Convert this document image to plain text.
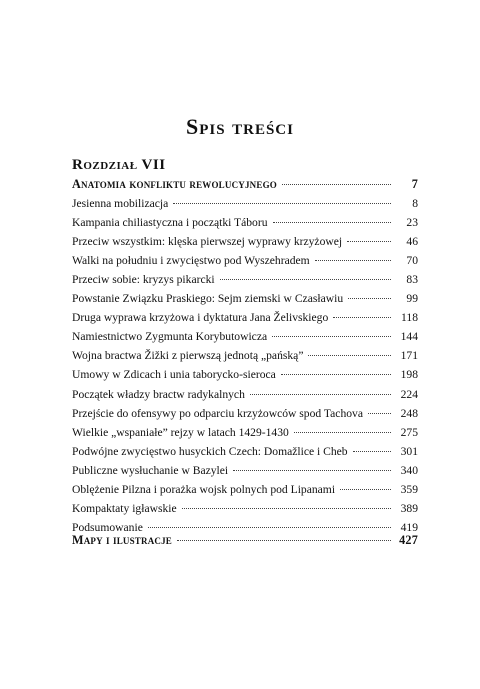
Spis treści
Rozdział VII
Anatomia konfliktu rewolucyjnego	7
Jesienna mobilizacja	8
Kampania chiliastyczna i początki Táboru	23
Przeciw wszystkim: klęska pierwszej wyprawy krzyżowej	46
Walki na południu i zwycięstwo pod Wyszehradem	70
Przeciw sobie: kryzys pikarcki	83
Powstanie Związku Praskiego: Sejm ziemski w Czasławiu	99
Druga wyprawa krzyżowa i dyktatura Jana Želivskiego	118
Namiestnictwo Zygmunta Korybutowicza	144
Wojna bractwa Žižki z pierwszą jednotą „pańską”	171
Umowy w Zdicach i unia taborycko-sierocа	198
Początek władzy bractw radykalnych	224
Przejście do ofensywy po odparciu krzyżowców spod Tachova	248
Wielkie „wspaniałe” rejzy w latach 1429-1430	275
Podwójne zwycięstwo husyckich Czech: Domažlice i Cheb	301
Publiczne wysłuchanie w Bazylei	340
Oblężenie Pilzna i porażka wojsk polnych pod Lipanami	359
Kompaktaty igławskie	389
Podsumowanie	419
Mapy i ilustracje	427
